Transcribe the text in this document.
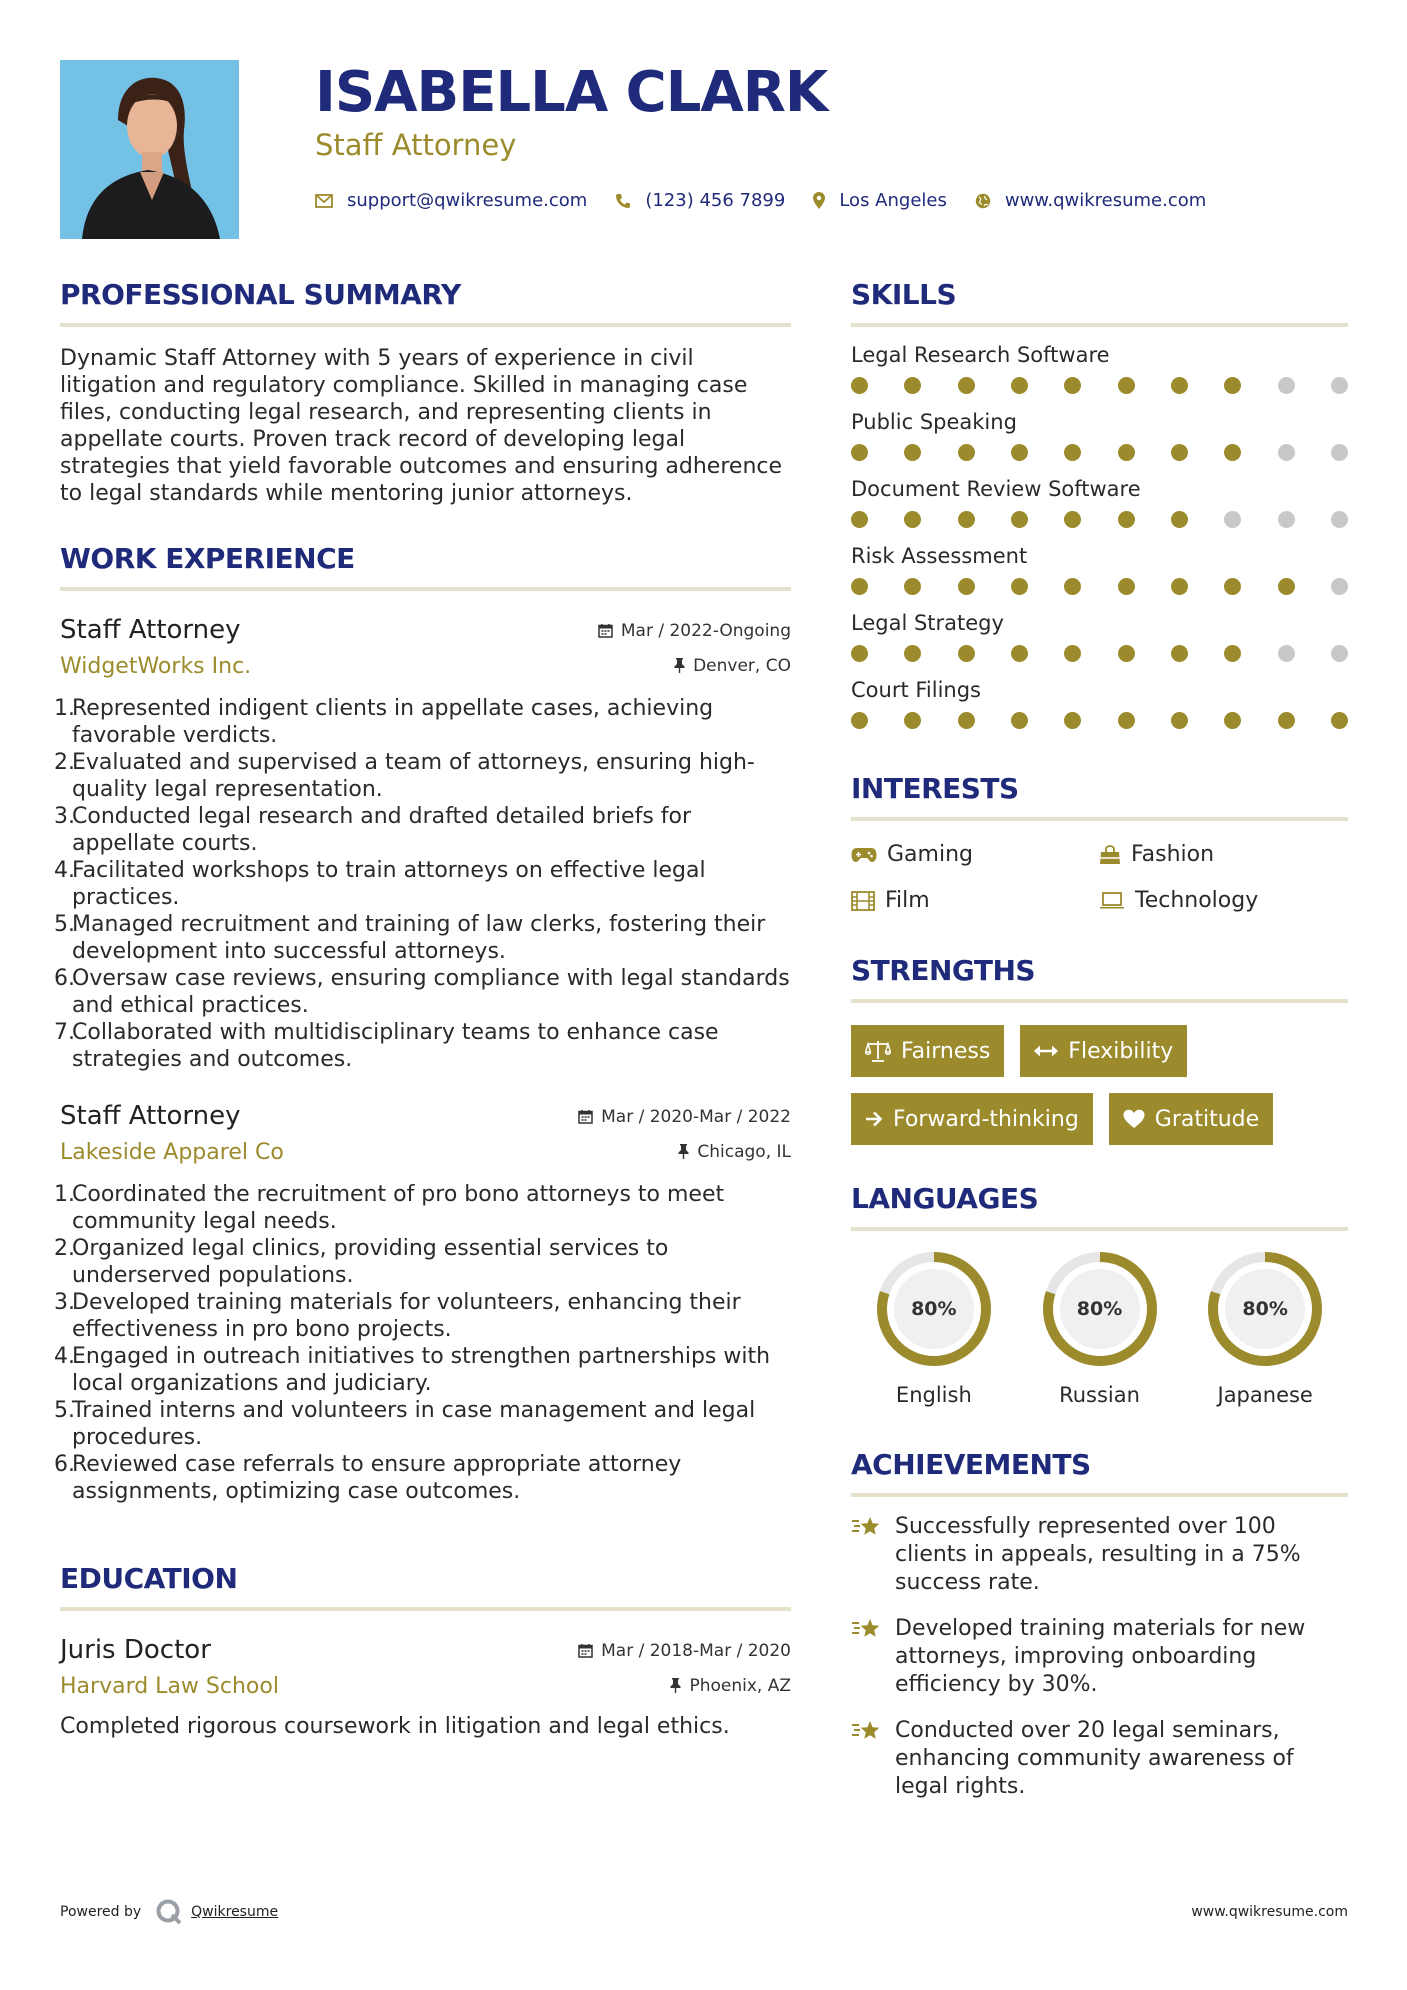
ISABELLA CLARK
Staff Attorney
support@qwikresume.com	(123) 456 7899	Los Angeles	www.qwikresume.com
PROFESSIONAL SUMMARY

Dynamic Staff Attorney with 5 years of experience in civil litigation and regulatory compliance. Skilled in managing case files, conducting legal research, and representing clients in appellate courts. Proven track record of developing legal strategies that yield favorable outcomes and ensuring adherence to legal standards while mentoring junior attorneys.

WORK EXPERIENCE
Staff Attorney	Mar / 2022-Ongoing
WidgetWorks Inc.	Denver, CO
1.
Represented indigent clients in appellate cases, achieving favorable verdicts.
2.
Evaluated and supervised a team of attorneys, ensuring high-quality legal representation.
3.
Conducted legal research and drafted detailed briefs for appellate courts.
4.
Facilitated workshops to train attorneys on effective legal practices.
5.
Managed recruitment and training of law clerks, fostering their development into successful attorneys.
6.
Oversaw case reviews, ensuring compliance with legal standards and ethical practices.
7.
Collaborated with multidisciplinary teams to enhance case strategies and outcomes.
Staff Attorney	Mar / 2020-Mar / 2022
Lakeside Apparel Co	Chicago, IL
1.
Coordinated the recruitment of pro bono attorneys to meet community legal needs.
2.
Organized legal clinics, providing essential services to underserved populations.
3.
Developed training materials for volunteers, enhancing their effectiveness in pro bono projects.
4.
Engaged in outreach initiatives to strengthen partnerships with local organizations and judiciary.
5.
Trained interns and volunteers in case management and legal procedures.
6.
Reviewed case referrals to ensure appropriate attorney assignments, optimizing case outcomes.
EDUCATION
Juris Doctor	Mar / 2018-Mar / 2020
Harvard Law School	Phoenix, AZ

Completed rigorous coursework in litigation and legal ethics.

SKILLS
Legal Research Software
Public Speaking
Document Review Software
Risk Assessment
Legal Strategy
Court Filings
INTERESTS
Gaming	Fashion
Film	Technology
STRENGTHS
Fairness	Flexibility
Forward-thinking	Gratitude
LANGUAGES
80%
English
80%
Russian
80%
Japanese
ACHIEVEMENTS
Successfully represented over 100 clients in appeals, resulting in a 75% success rate.
Developed training materials for new attorneys, improving onboarding efficiency by 30%.
Conducted over 20 legal seminars, enhancing community awareness of legal rights.
Powered by	Qwikresume	www.qwikresume.com
